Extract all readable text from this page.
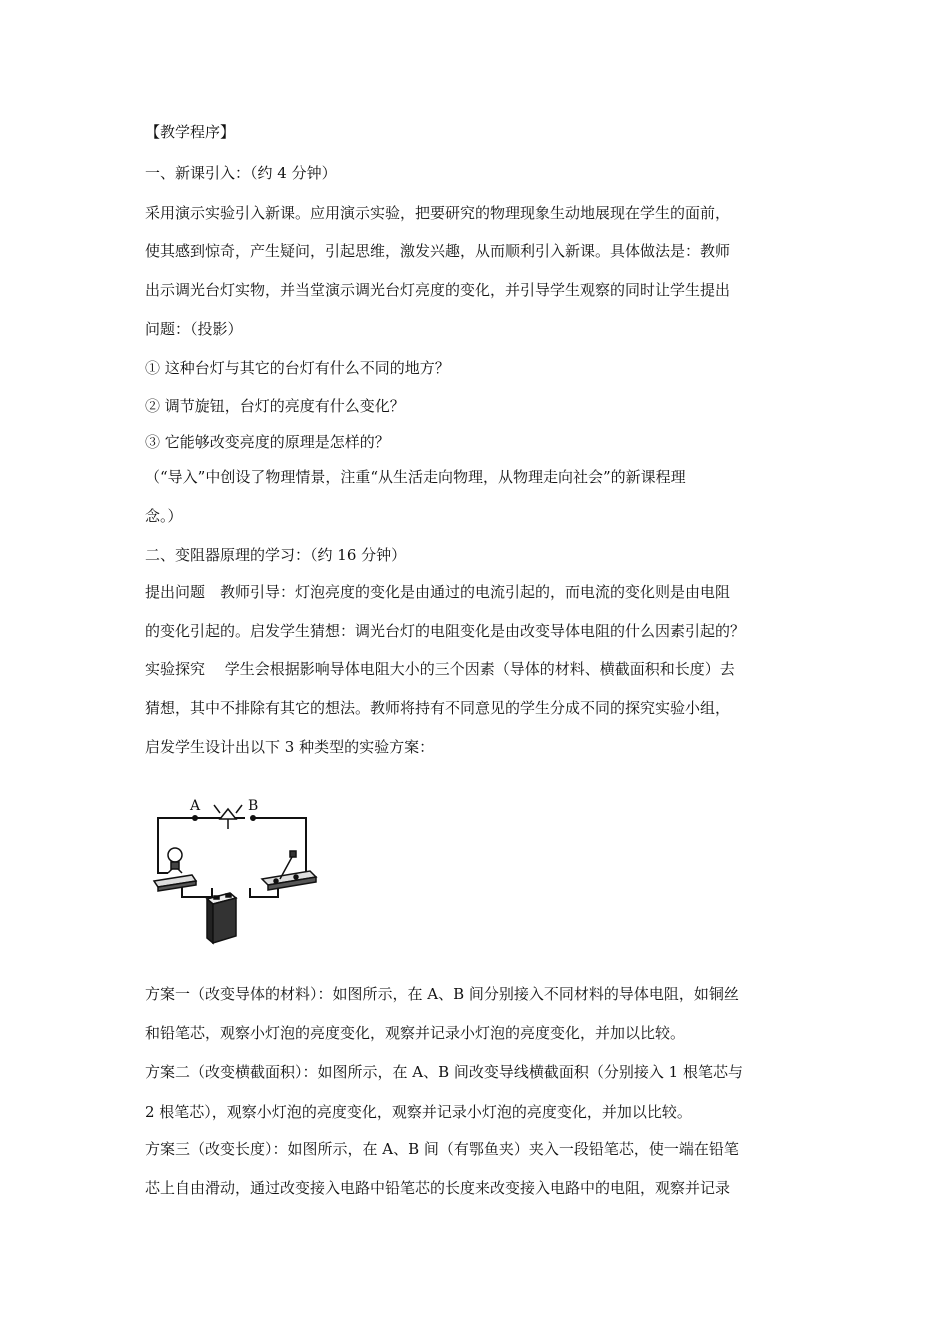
【教学程序】
一、新课引入：（约 4 分钟）
采用演示实验引入新课。应用演示实验，把要研究的物理现象生动地展现在学生的面前，
使其感到惊奇，产生疑问，引起思维，激发兴趣，从而顺利引入新课。具体做法是：教师
出示调光台灯实物，并当堂演示调光台灯亮度的变化，并引导学生观察的同时让学生提出
问题：（投影）
① 这种台灯与其它的台灯有什么不同的地方？
② 调节旋钮，台灯的亮度有什么变化？
③ 它能够改变亮度的原理是怎样的？
（“导入”中创设了物理情景，注重“从生活走向物理，从物理走向社会”的新课程理
念。）
二、变阻器原理的学习：（约 16 分钟）
提出问题　教师引导：灯泡亮度的变化是由通过的电流引起的，而电流的变化则是由电阻
的变化引起的。启发学生猜想：调光台灯的电阻变化是由改变导体电阻的什么因素引起的？
实验探究　 学生会根据影响导体电阻大小的三个因素（导体的材料、横截面积和长度）去
猜想，其中不排除有其它的想法。教师将持有不同意见的学生分成不同的探究实验小组，
启发学生设计出以下 3 种类型的实验方案：
A	B
方案一（改变导体的材料）：如图所示，在 A、B 间分别接入不同材料的导体电阻，如铜丝
和铅笔芯，观察小灯泡的亮度变化，观察并记录小灯泡的亮度变化，并加以比较。
方案二（改变横截面积）：如图所示，在 A、B 间改变导线横截面积（分别接入 1 根笔芯与
2 根笔芯），观察小灯泡的亮度变化，观察并记录小灯泡的亮度变化，并加以比较。
方案三（改变长度）：如图所示，在 A、B 间（有鄂鱼夹）夹入一段铅笔芯，使一端在铅笔
芯上自由滑动，通过改变接入电路中铅笔芯的长度来改变接入电路中的电阻，观察并记录
